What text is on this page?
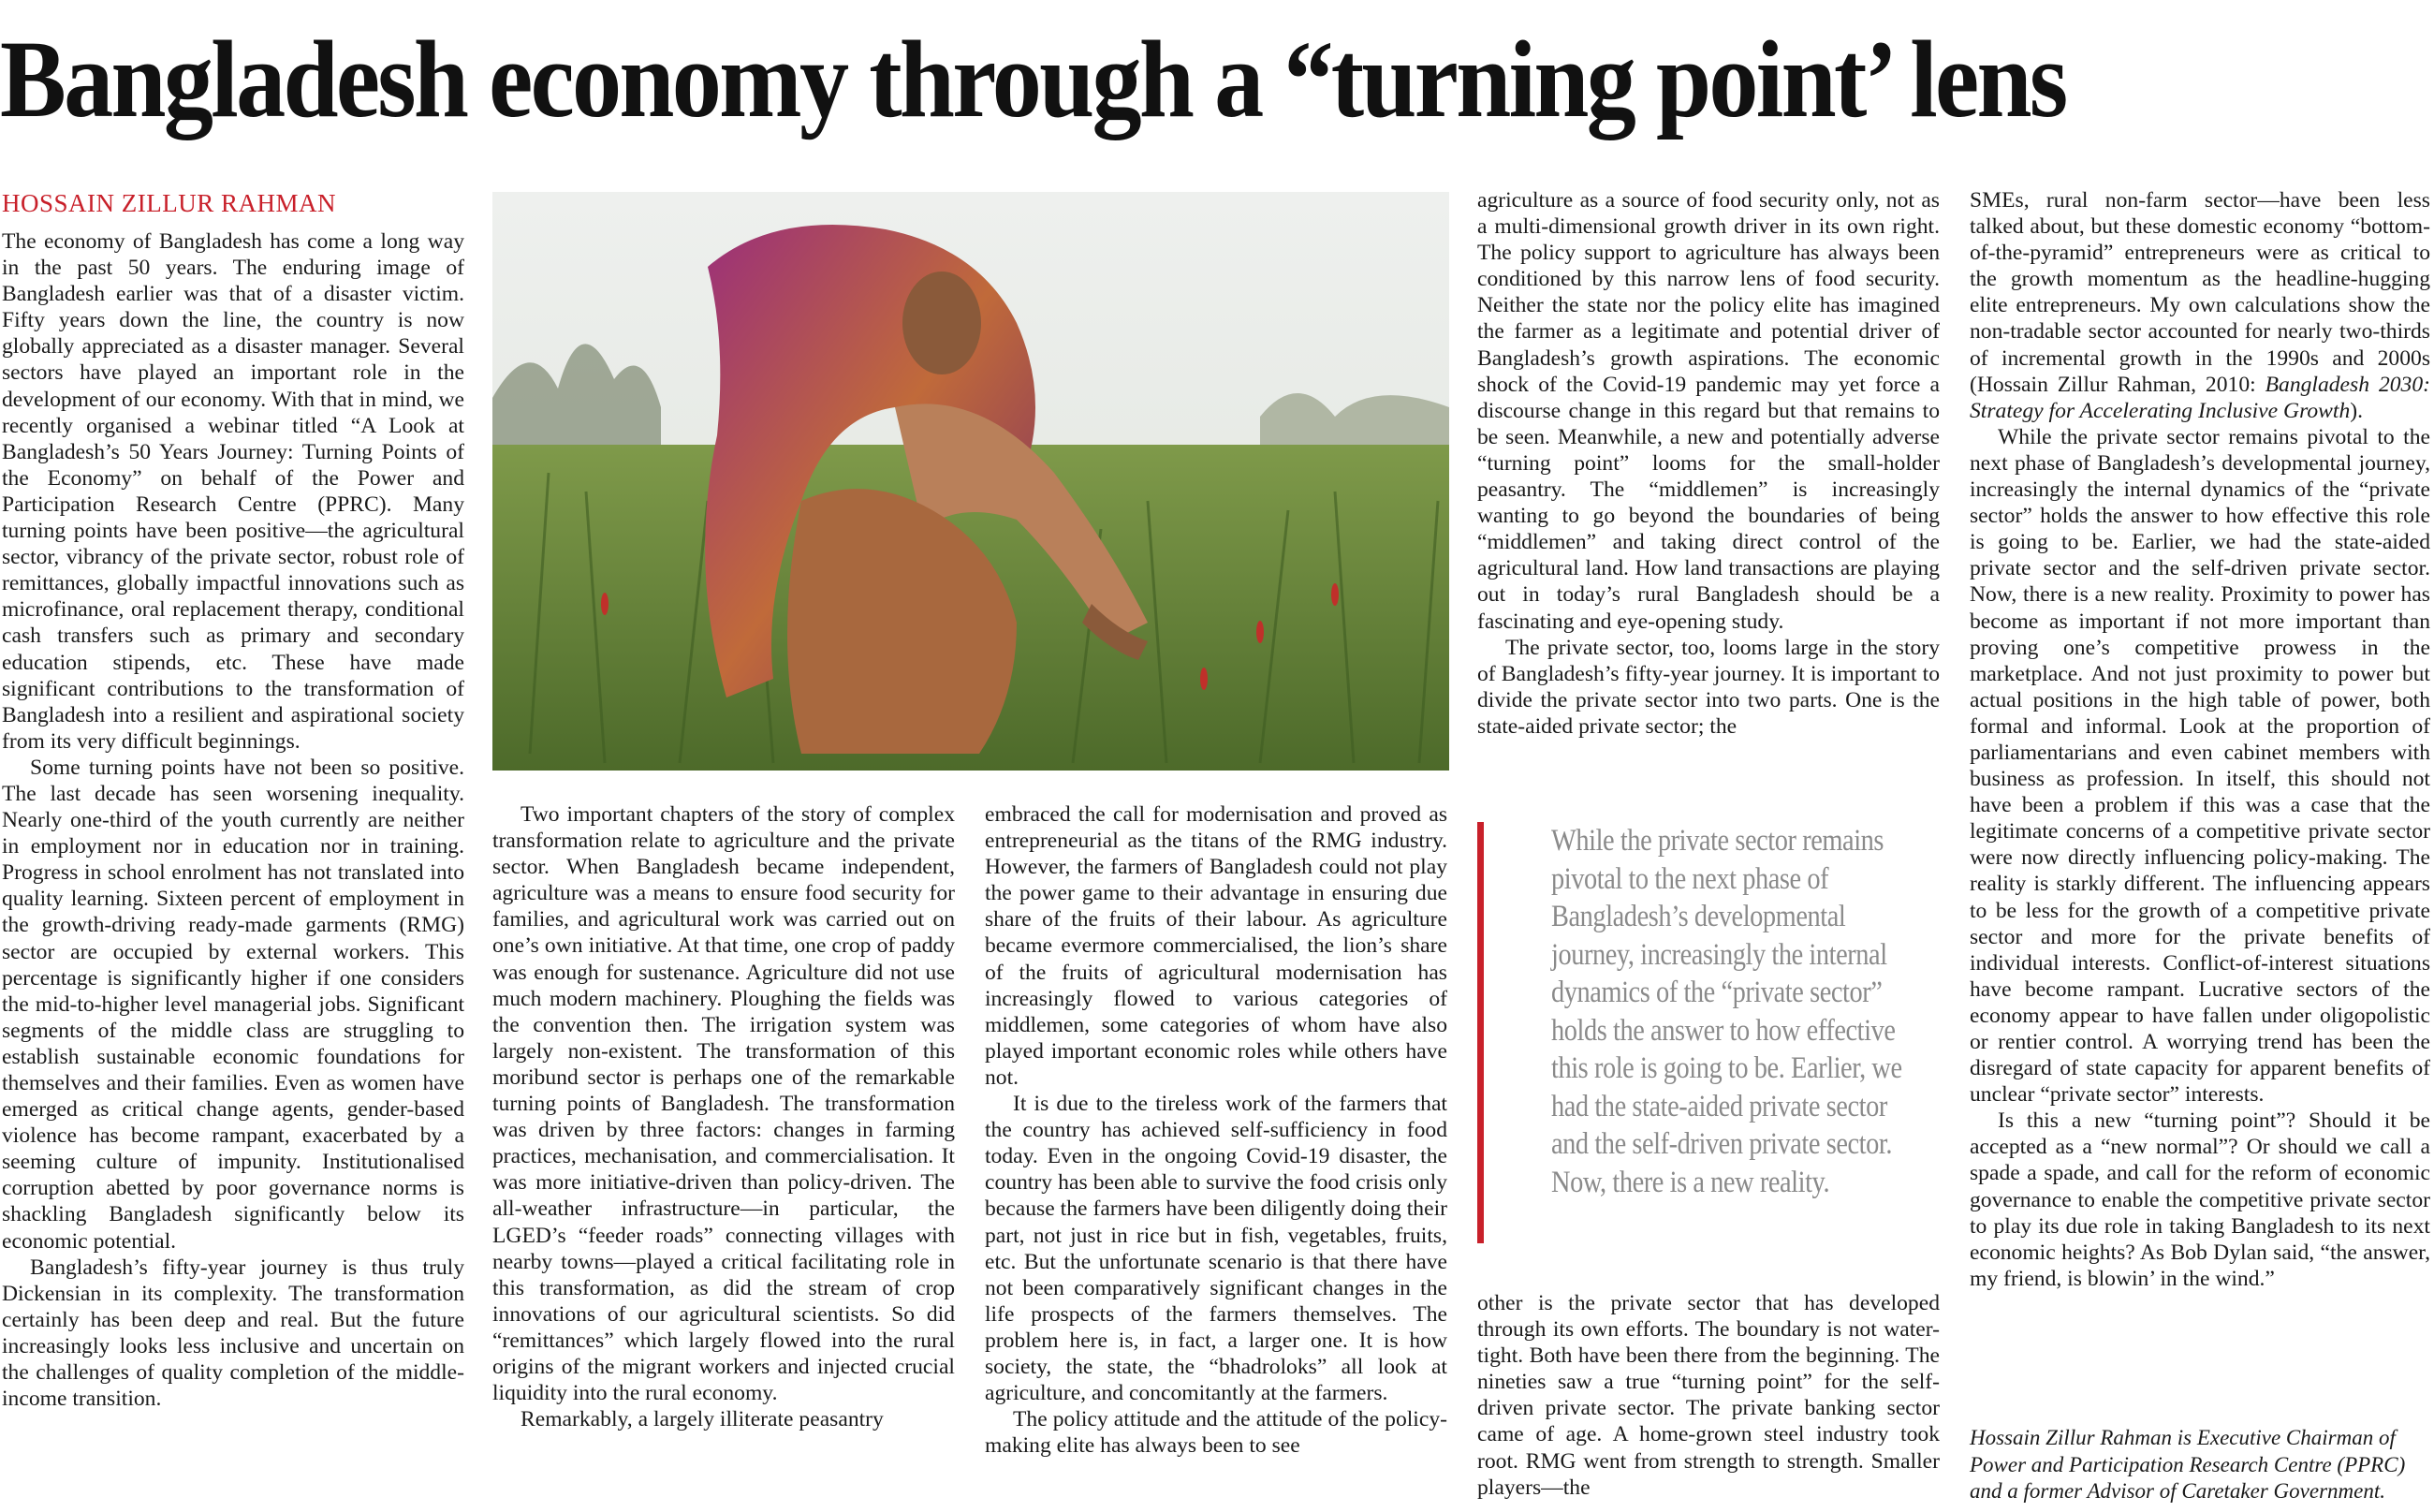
Bangladesh economy through a “turning point’ lens
HOSSAIN ZILLUR RAHMAN

The economy of Bangladesh has come a long way in the past 50 years. The enduring image of Bangladesh earlier was that of a disaster victim. Fifty years down the line, the country is now globally appreciated as a disaster manager. Several sectors have played an important role in the development of our economy. With that in mind, we recently organised a webinar titled “A Look at Bangladesh’s 50 Years Journey: Turning Points of the Economy” on behalf of the Power and Participation Research Centre (PPRC). Many turning points have been positive—the agricultural sector, vibrancy of the private sector, robust role of remittances, globally impactful innovations such as microfinance, oral replacement therapy, conditional cash transfers such as primary and secondary education stipends, etc. These have made significant contributions to the transformation of Bangladesh into a resilient and aspirational society from its very difficult beginnings.

Some turning points have not been so positive. The last decade has seen worsening inequality. Nearly one-third of the youth currently are neither in employment nor in education nor in training. Progress in school enrolment has not translated into quality learning. Sixteen percent of employment in the growth-driving ready-made garments (RMG) sector are occupied by external workers. This percentage is significantly higher if one considers the mid-to-higher level managerial jobs. Significant segments of the middle class are struggling to establish sustainable economic foundations for themselves and their families. Even as women have emerged as critical change agents, gender-based violence has become rampant, exacerbated by a seeming culture of impunity. Institutionalised corruption abetted by poor governance norms is shackling Bangladesh significantly below its economic potential.

Bangladesh’s fifty-year journey is thus truly Dickensian in its complexity. The transformation certainly has been deep and real. But the future increasingly looks less inclusive and uncertain on the challenges of quality completion of the middle-income transition.

Two important chapters of the story of complex transformation relate to agriculture and the private sector. When Bangladesh became independent, agriculture was a means to ensure food security for families, and agricultural work was carried out on one’s own initiative. At that time, one crop of paddy was enough for sustenance. Agriculture did not use much modern machinery. Ploughing the fields was the convention then. The irrigation system was largely non-existent. The transformation of this moribund sector is perhaps one of the remarkable turning points of Bangladesh. The transformation was driven by three factors: changes in farming practices, mechanisation, and commercialisation. It was more initiative-driven than policy-driven. The all-weather infrastructure—in particular, the LGED’s “feeder roads” connecting villages with nearby towns—played a critical facilitating role in this transformation, as did the stream of crop innovations of our agricultural scientists. So did “remittances” which largely flowed into the rural origins of the migrant workers and injected crucial liquidity into the rural economy.

Remarkably, a largely illiterate peasantry

embraced the call for modernisation and proved as entrepreneurial as the titans of the RMG industry. However, the farmers of Bangladesh could not play the power game to their advantage in ensuring due share of the fruits of their labour. As agriculture became evermore commercialised, the lion’s share of the fruits of agricultural modernisation has increasingly flowed to various categories of middlemen, some categories of whom have also played important economic roles while others have not.

It is due to the tireless work of the farmers that the country has achieved self-sufficiency in food today. Even in the ongoing Covid-19 disaster, the country has been able to survive the food crisis only because the farmers have been diligently doing their part, not just in rice but in fish, vegetables, fruits, etc. But the unfortunate scenario is that there have not been comparatively significant changes in the life prospects of the farmers themselves. The problem here is, in fact, a larger one. It is how society, the state, the “bhadroloks” all look at agriculture, and concomitantly at the farmers.

The policy attitude and the attitude of the policy-making elite has always been to see

agriculture as a source of food security only, not as a multi-dimensional growth driver in its own right. The policy support to agriculture has always been conditioned by this narrow lens of food security. Neither the state nor the policy elite has imagined the farmer as a legitimate and potential driver of Bangladesh’s growth aspirations. The economic shock of the Covid-19 pandemic may yet force a discourse change in this regard but that remains to be seen. Meanwhile, a new and potentially adverse “turning point” looms for the small-holder peasantry. The “middlemen” is increasingly wanting to go beyond the boundaries of being “middlemen” and taking direct control of the agricultural land. How land transactions are playing out in today’s rural Bangladesh should be a fascinating and eye-opening study.

The private sector, too, looms large in the story of Bangladesh’s fifty-year journey. It is important to divide the private sector into two parts. One is the state-aided private sector; the

While the private sector remains pivotal to the next phase of Bangladesh’s developmental journey, increasingly the internal dynamics of the “private sector” holds the answer to how effective this role is going to be. Earlier, we had the state-aided private sector and the self-driven private sector. Now, there is a new reality.

other is the private sector that has developed through its own efforts. The boundary is not water-tight. Both have been there from the beginning. The nineties saw a true “turning point” for the self-driven private sector. The private banking sector came of age. A home-grown steel industry took root. RMG went from strength to strength. Smaller players—the

SMEs, rural non-farm sector—have been less talked about, but these domestic economy “bottom-of-the-pyramid” entrepreneurs were as critical to the growth momentum as the headline-hugging elite entrepreneurs. My own calculations show the non-tradable sector accounted for nearly two-thirds of incremental growth in the 1990s and 2000s (Hossain Zillur Rahman, 2010: Bangladesh 2030: Strategy for Accelerating Inclusive Growth).

While the private sector remains pivotal to the next phase of Bangladesh’s developmental journey, increasingly the internal dynamics of the “private sector” holds the answer to how effective this role is going to be. Earlier, we had the state-aided private sector and the self-driven private sector. Now, there is a new reality. Proximity to power has become as important if not more important than proving one’s competitive prowess in the marketplace. And not just proximity to power but actual positions in the high table of power, both formal and informal. Look at the proportion of parliamentarians and even cabinet members with business as profession. In itself, this should not have been a problem if this was a case that the legitimate concerns of a competitive private sector were now directly influencing policy-making. The reality is starkly different. The influencing appears to be less for the growth of a competitive private sector and more for the private benefits of individual interests. Conflict-of-interest situations have become rampant. Lucrative sectors of the economy appear to have fallen under oligopolistic or rentier control. A worrying trend has been the disregard of state capacity for apparent benefits of unclear “private sector” interests.

Is this a new “turning point”? Should it be accepted as a “new normal”? Or should we call a spade a spade, and call for the reform of economic governance to enable the competitive private sector to play its due role in taking Bangladesh to its next economic heights? As Bob Dylan said, “the answer, my friend, is blowin’ in the wind.”

Hossain Zillur Rahman is Executive Chairman of Power and Participation Research Centre (PPRC) and a former Advisor of Caretaker Government.
